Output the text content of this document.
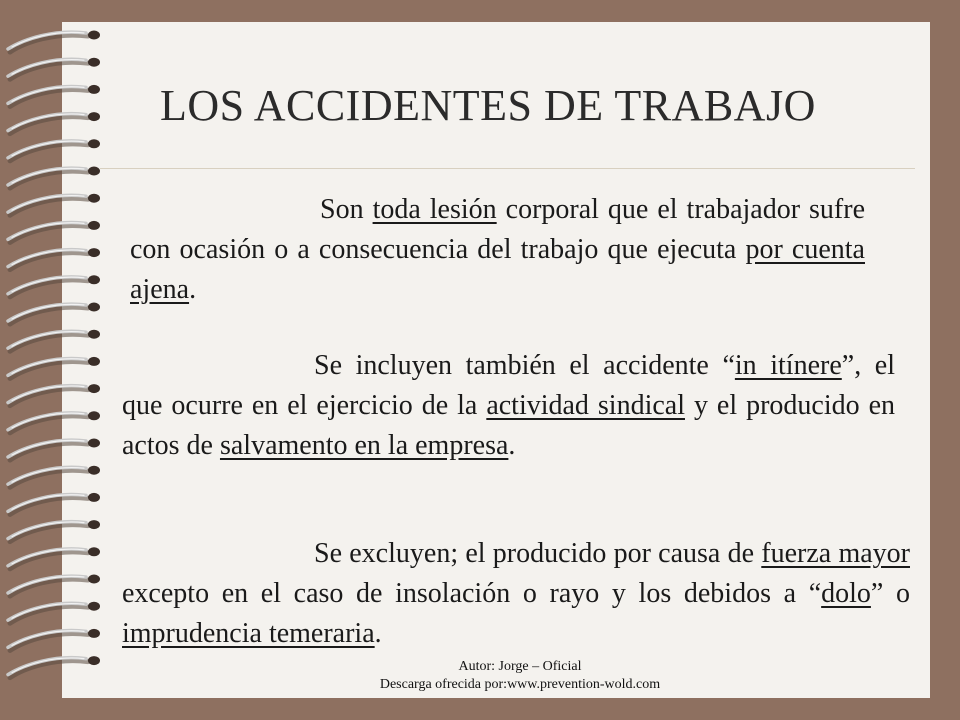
LOS ACCIDENTES DE TRABAJO

Son toda lesión corporal que el trabajador sufre con ocasión o a consecuencia del trabajo que ejecuta por cuenta ajena.

Se incluyen también el accidente “in itínere”, el que ocurre en el ejercicio de la actividad sindical y el producido en actos de salvamento en la empresa.

Se excluyen; el producido por causa de fuerza mayor excepto en el caso de insolación o rayo y los debidos a “dolo” o imprudencia temeraria.

Autor: Jorge – Oficial
Descarga ofrecida por:www.prevention-wold.com
